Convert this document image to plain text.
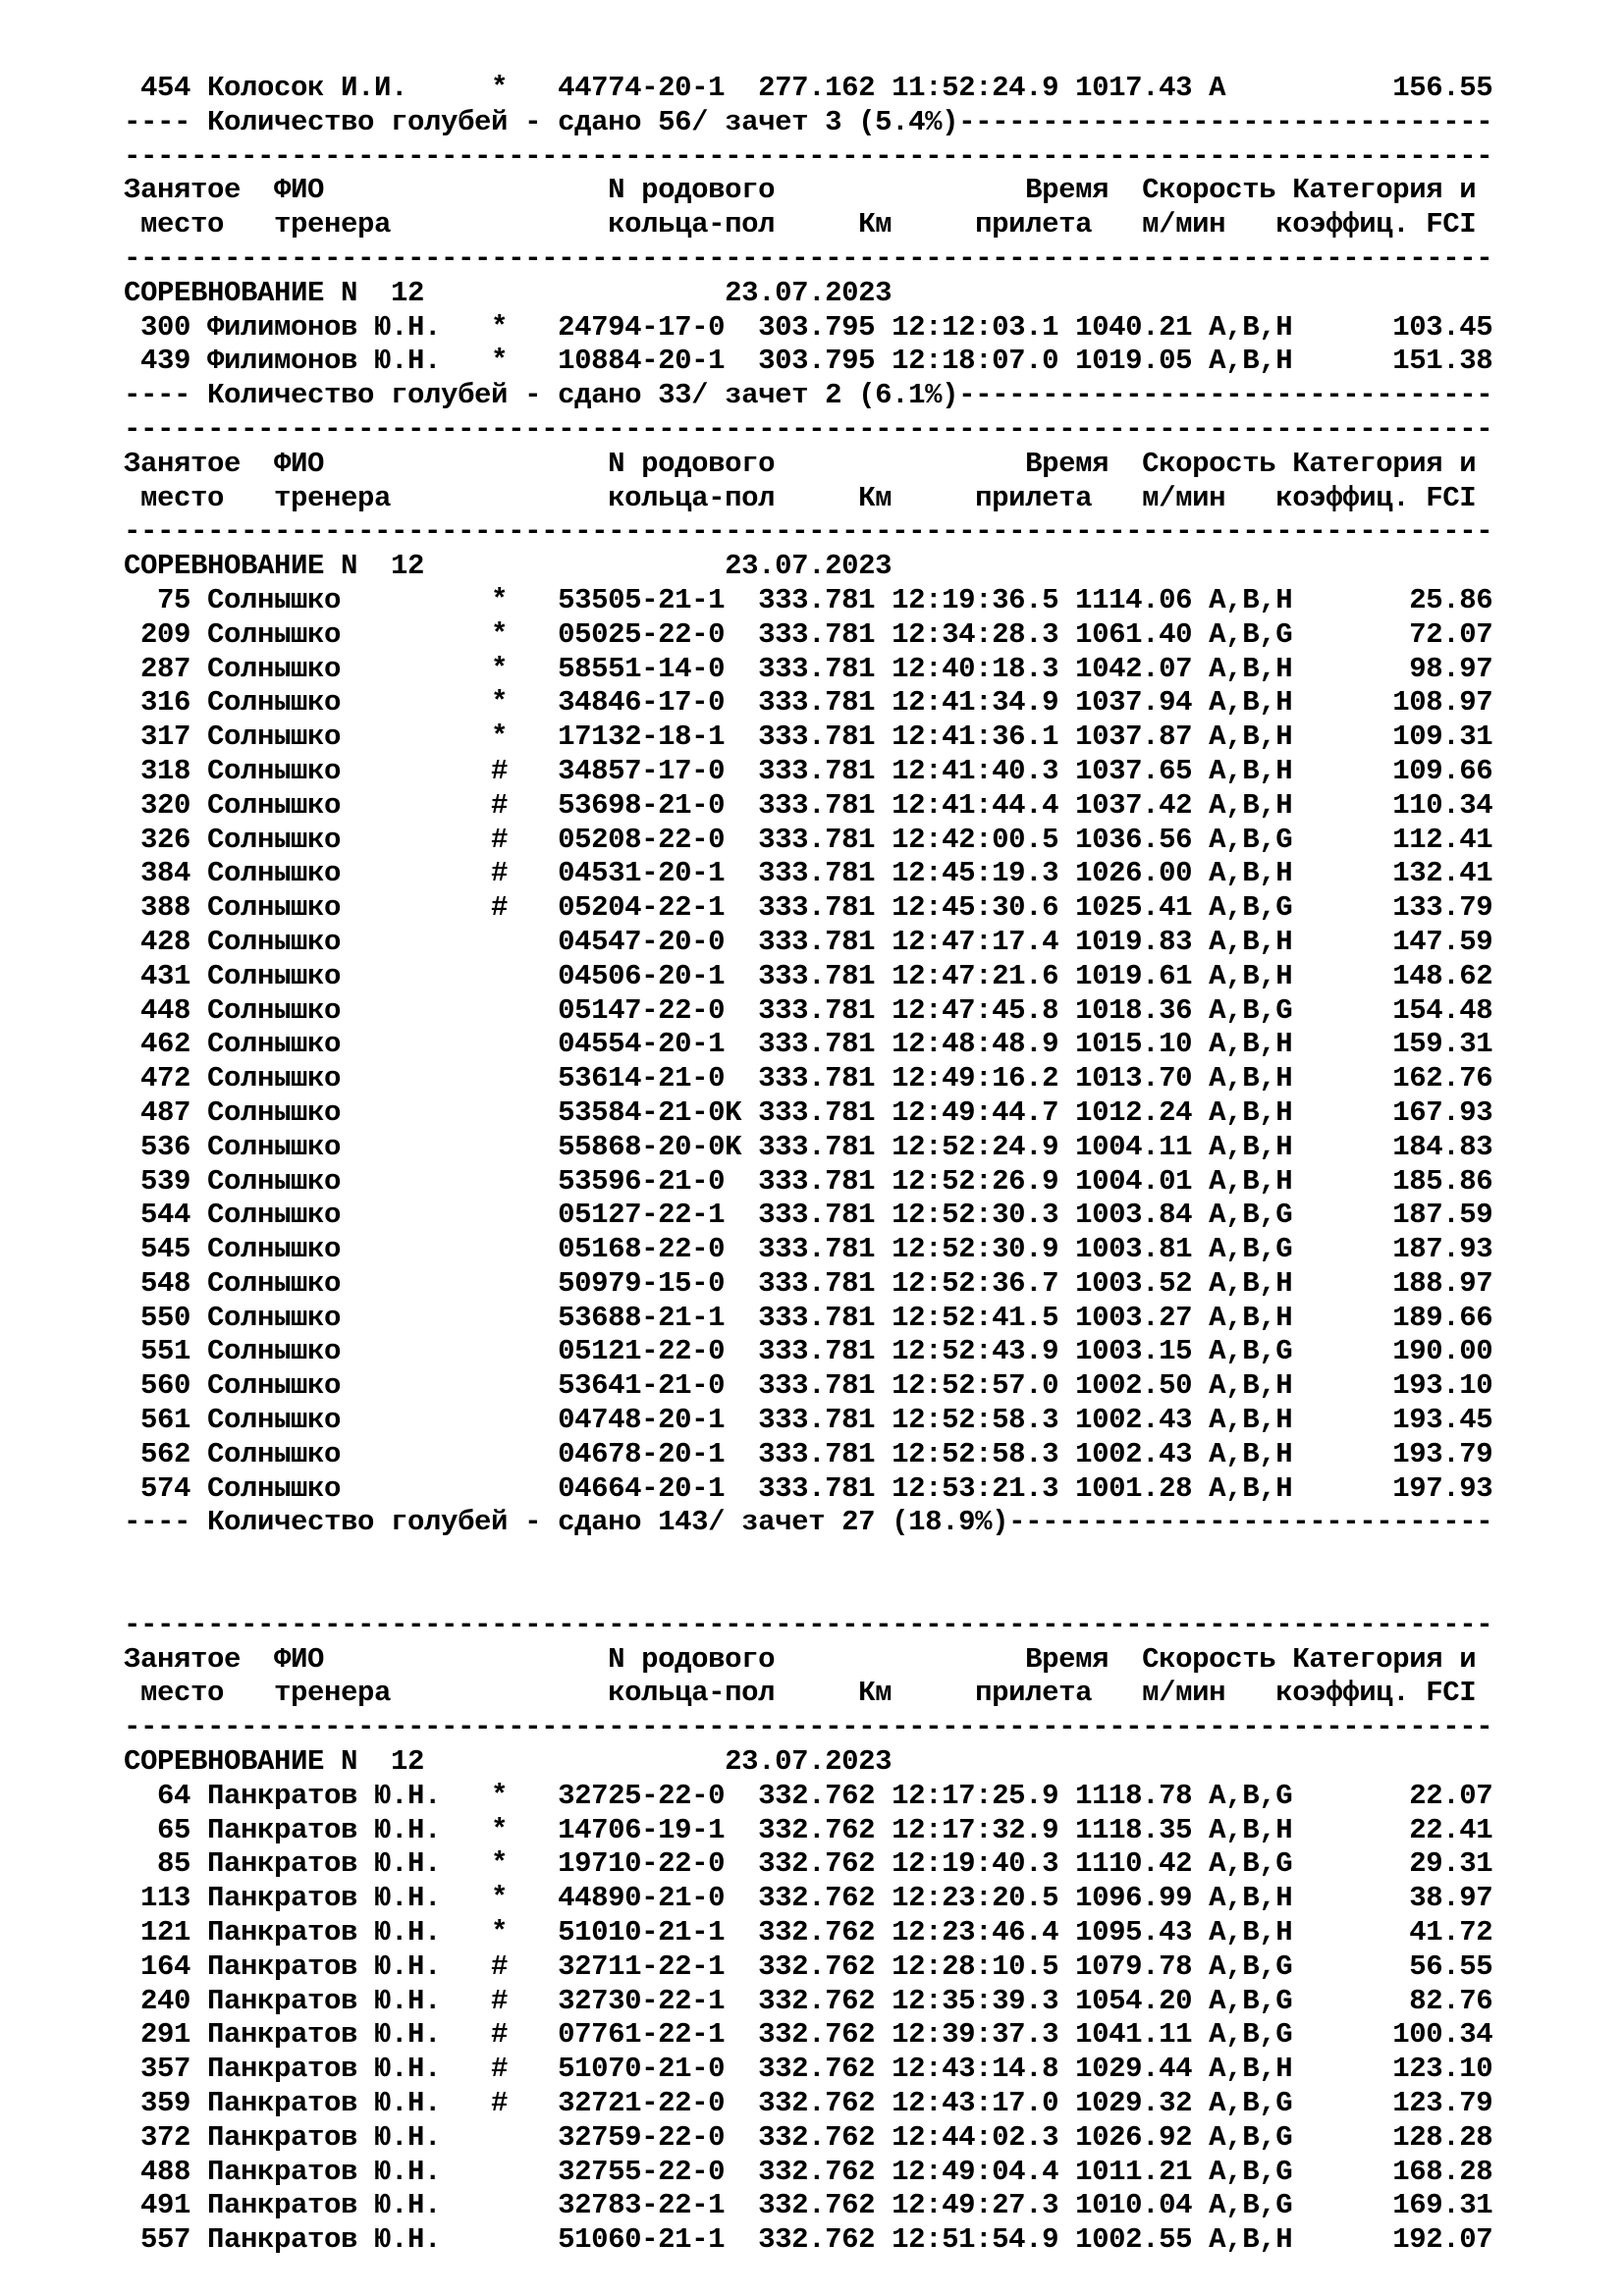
454 Колосок И.И.     *   44774-20-1  277.162 11:52:24.9 1017.43 A          156.55
---- Количество голубей - сдано 56/ зачет 3 (5.4%)--------------------------------
----------------------------------------------------------------------------------
Занятое  ФИО                 N родового               Время  Скорость Категория и
место   тренера             кольца-пол     Км     прилета   м/мин   коэффиц. FCI
----------------------------------------------------------------------------------
СОРЕВНОВАНИЕ N  12                  23.07.2023
300 Филимонов Ю.Н.   *   24794-17-0  303.795 12:12:03.1 1040.21 A,B,H      103.45
439 Филимонов Ю.Н.   *   10884-20-1  303.795 12:18:07.0 1019.05 A,B,H      151.38
---- Количество голубей - сдано 33/ зачет 2 (6.1%)--------------------------------
----------------------------------------------------------------------------------
Занятое  ФИО                 N родового               Время  Скорость Категория и
место   тренера             кольца-пол     Км     прилета   м/мин   коэффиц. FCI
----------------------------------------------------------------------------------
СОРЕВНОВАНИЕ N  12                  23.07.2023
75 Солнышко         *   53505-21-1  333.781 12:19:36.5 1114.06 A,B,H       25.86
209 Солнышко         *   05025-22-0  333.781 12:34:28.3 1061.40 A,B,G       72.07
287 Солнышко         *   58551-14-0  333.781 12:40:18.3 1042.07 A,B,H       98.97
316 Солнышко         *   34846-17-0  333.781 12:41:34.9 1037.94 A,B,H      108.97
317 Солнышко         *   17132-18-1  333.781 12:41:36.1 1037.87 A,B,H      109.31
318 Солнышко         #   34857-17-0  333.781 12:41:40.3 1037.65 A,B,H      109.66
320 Солнышко         #   53698-21-0  333.781 12:41:44.4 1037.42 A,B,H      110.34
326 Солнышко         #   05208-22-0  333.781 12:42:00.5 1036.56 A,B,G      112.41
384 Солнышко         #   04531-20-1  333.781 12:45:19.3 1026.00 A,B,H      132.41
388 Солнышко         #   05204-22-1  333.781 12:45:30.6 1025.41 A,B,G      133.79
428 Солнышко             04547-20-0  333.781 12:47:17.4 1019.83 A,B,H      147.59
431 Солнышко             04506-20-1  333.781 12:47:21.6 1019.61 A,B,H      148.62
448 Солнышко             05147-22-0  333.781 12:47:45.8 1018.36 A,B,G      154.48
462 Солнышко             04554-20-1  333.781 12:48:48.9 1015.10 A,B,H      159.31
472 Солнышко             53614-21-0  333.781 12:49:16.2 1013.70 A,B,H      162.76
487 Солнышко             53584-21-0K 333.781 12:49:44.7 1012.24 A,B,H      167.93
536 Солнышко             55868-20-0K 333.781 12:52:24.9 1004.11 A,B,H      184.83
539 Солнышко             53596-21-0  333.781 12:52:26.9 1004.01 A,B,H      185.86
544 Солнышко             05127-22-1  333.781 12:52:30.3 1003.84 A,B,G      187.59
545 Солнышко             05168-22-0  333.781 12:52:30.9 1003.81 A,B,G      187.93
548 Солнышко             50979-15-0  333.781 12:52:36.7 1003.52 A,B,H      188.97
550 Солнышко             53688-21-1  333.781 12:52:41.5 1003.27 A,B,H      189.66
551 Солнышко             05121-22-0  333.781 12:52:43.9 1003.15 A,B,G      190.00
560 Солнышко             53641-21-0  333.781 12:52:57.0 1002.50 A,B,H      193.10
561 Солнышко             04748-20-1  333.781 12:52:58.3 1002.43 A,B,H      193.45
562 Солнышко             04678-20-1  333.781 12:52:58.3 1002.43 A,B,H      193.79
574 Солнышко             04664-20-1  333.781 12:53:21.3 1001.28 A,B,H      197.93
---- Количество голубей - сдано 143/ зачет 27 (18.9%)-----------------------------
----------------------------------------------------------------------------------
Занятое  ФИО                 N родового               Время  Скорость Категория и
место   тренера             кольца-пол     Км     прилета   м/мин   коэффиц. FCI
----------------------------------------------------------------------------------
СОРЕВНОВАНИЕ N  12                  23.07.2023
64 Панкратов Ю.Н.   *   32725-22-0  332.762 12:17:25.9 1118.78 A,B,G       22.07
65 Панкратов Ю.Н.   *   14706-19-1  332.762 12:17:32.9 1118.35 A,B,H       22.41
85 Панкратов Ю.Н.   *   19710-22-0  332.762 12:19:40.3 1110.42 A,B,G       29.31
113 Панкратов Ю.Н.   *   44890-21-0  332.762 12:23:20.5 1096.99 A,B,H       38.97
121 Панкратов Ю.Н.   *   51010-21-1  332.762 12:23:46.4 1095.43 A,B,H       41.72
164 Панкратов Ю.Н.   #   32711-22-1  332.762 12:28:10.5 1079.78 A,B,G       56.55
240 Панкратов Ю.Н.   #   32730-22-1  332.762 12:35:39.3 1054.20 A,B,G       82.76
291 Панкратов Ю.Н.   #   07761-22-1  332.762 12:39:37.3 1041.11 A,B,G      100.34
357 Панкратов Ю.Н.   #   51070-21-0  332.762 12:43:14.8 1029.44 A,B,H      123.10
359 Панкратов Ю.Н.   #   32721-22-0  332.762 12:43:17.0 1029.32 A,B,G      123.79
372 Панкратов Ю.Н.       32759-22-0  332.762 12:44:02.3 1026.92 A,B,G      128.28
488 Панкратов Ю.Н.       32755-22-0  332.762 12:49:04.4 1011.21 A,B,G      168.28
491 Панкратов Ю.Н.       32783-22-1  332.762 12:49:27.3 1010.04 A,B,G      169.31
557 Панкратов Ю.Н.       51060-21-1  332.762 12:51:54.9 1002.55 A,B,H      192.07
